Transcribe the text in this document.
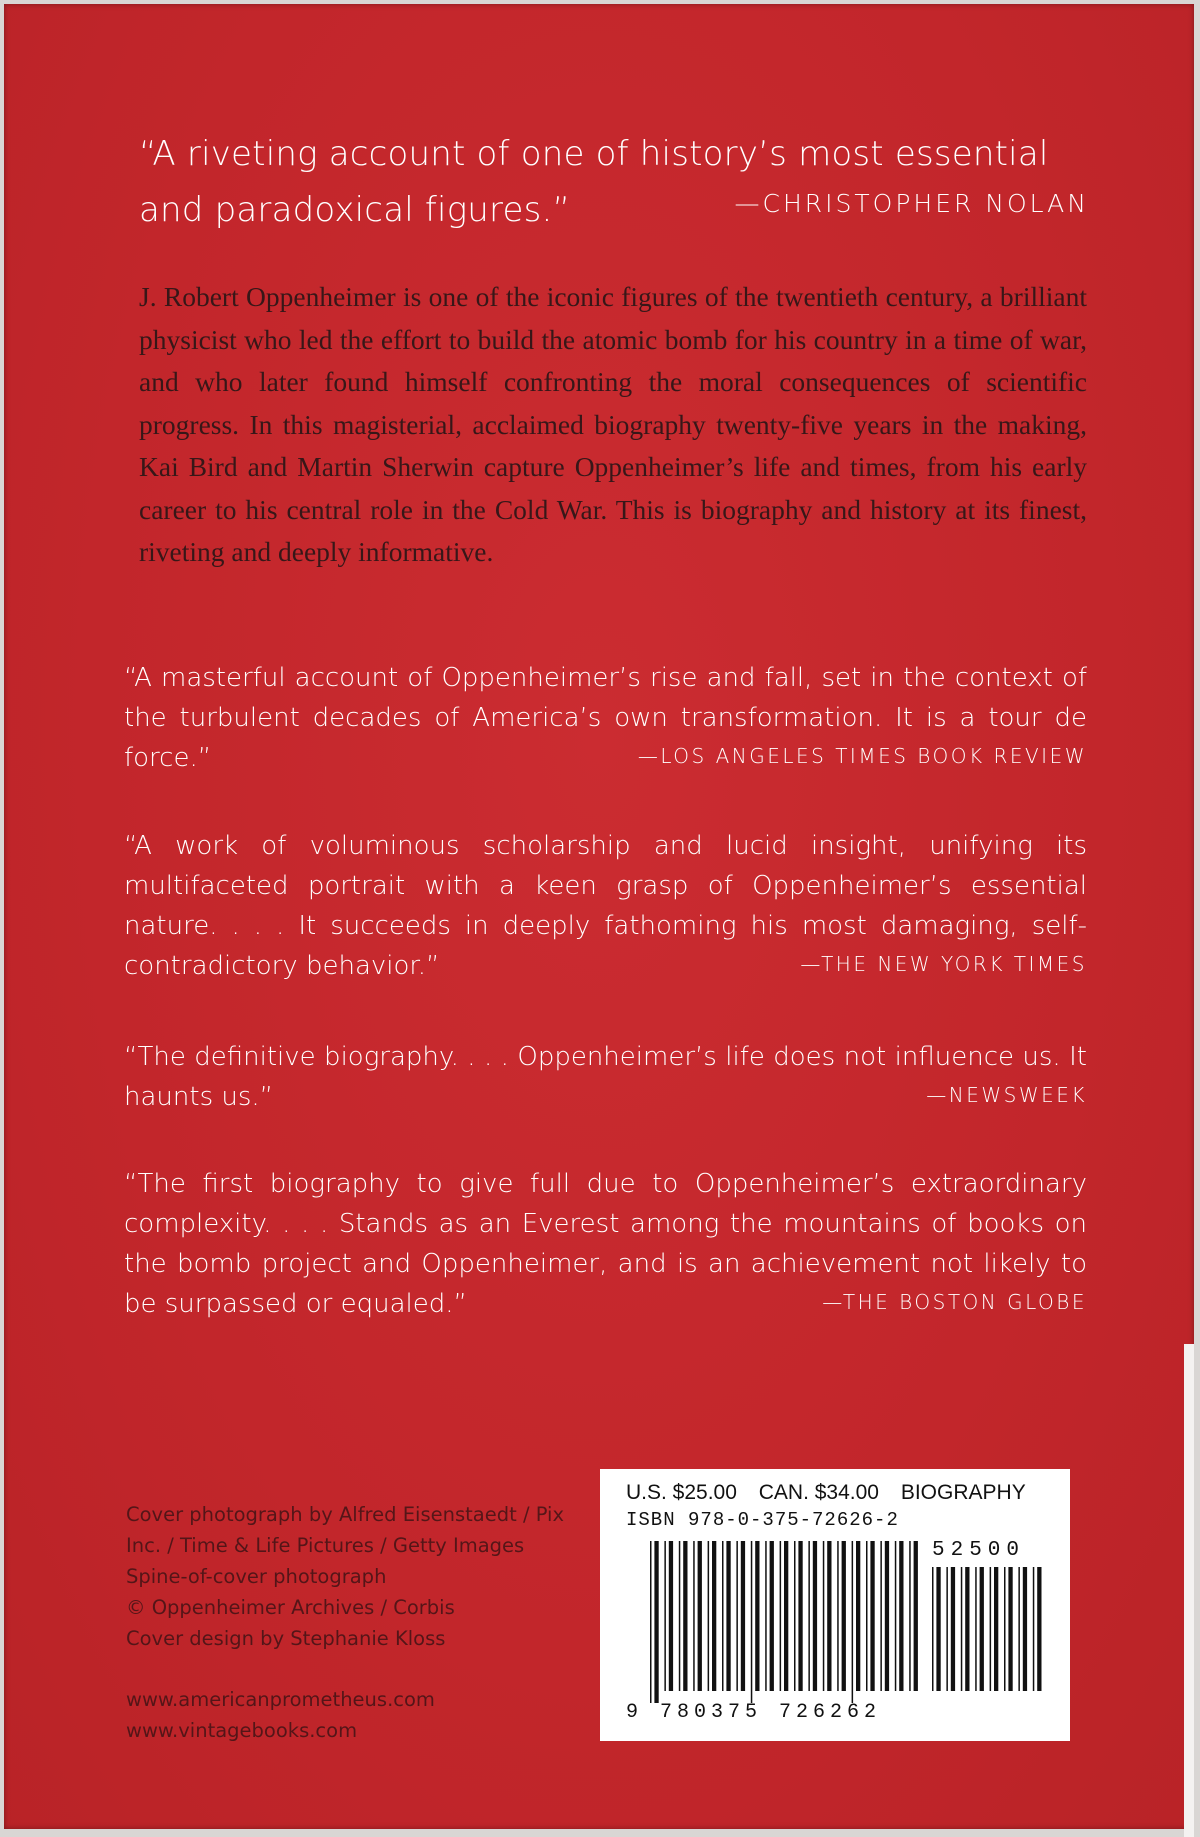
“A riveting account of one of history’s most essential and paradoxical figures.”	—CHRISTOPHER NOLAN
J. Robert Oppenheimer is one of the iconic figures of the twentieth century, a brilliant physicist who led the effort to build the atomic bomb for his country in a time of war, and who later found himself confronting the moral consequences of scientific progress. In this magisterial, acclaimed biography twenty-five years in the making, Kai Bird and Martin Sherwin capture Oppenheimer’s life and times, from his early career to his central role in the Cold War. This is biography and history at its finest, riveting and deeply informative.
“A masterful account of Oppenheimer’s rise and fall, set in the context of the turbulent decades of America’s own transformation. It is a tour de force.”	—LOS ANGELES TIMES BOOK REVIEW
“A work of voluminous scholarship and lucid insight, unifying its multifaceted portrait with a keen grasp of Oppenheimer’s essential nature. . . . It succeeds in deeply fathoming his most damaging, self-contradictory behavior.”	—THE NEW YORK TIMES
“The definitive biography. . . . Oppenheimer’s life does not influence us. It haunts us.”	—NEWSWEEK
“The first biography to give full due to Oppenheimer’s extraordinary complexity. . . . Stands as an Everest among the mountains of books on the bomb project and Oppenheimer, and is an achievement not likely to be surpassed or equaled.”	—THE BOSTON GLOBE
Cover photograph by Alfred Eisenstaedt / Pix
Inc. / Time & Life Pictures / Getty Images
Spine-of-cover photograph
© Oppenheimer Archives / Corbis
Cover design by Stephanie Kloss
www.americanprometheus.com
www.vintagebooks.com
U.S. $25.00 CAN. $34.00 BIOGRAPHY
ISBN 978-0-375-72626-2
52500
9 780375 726262
